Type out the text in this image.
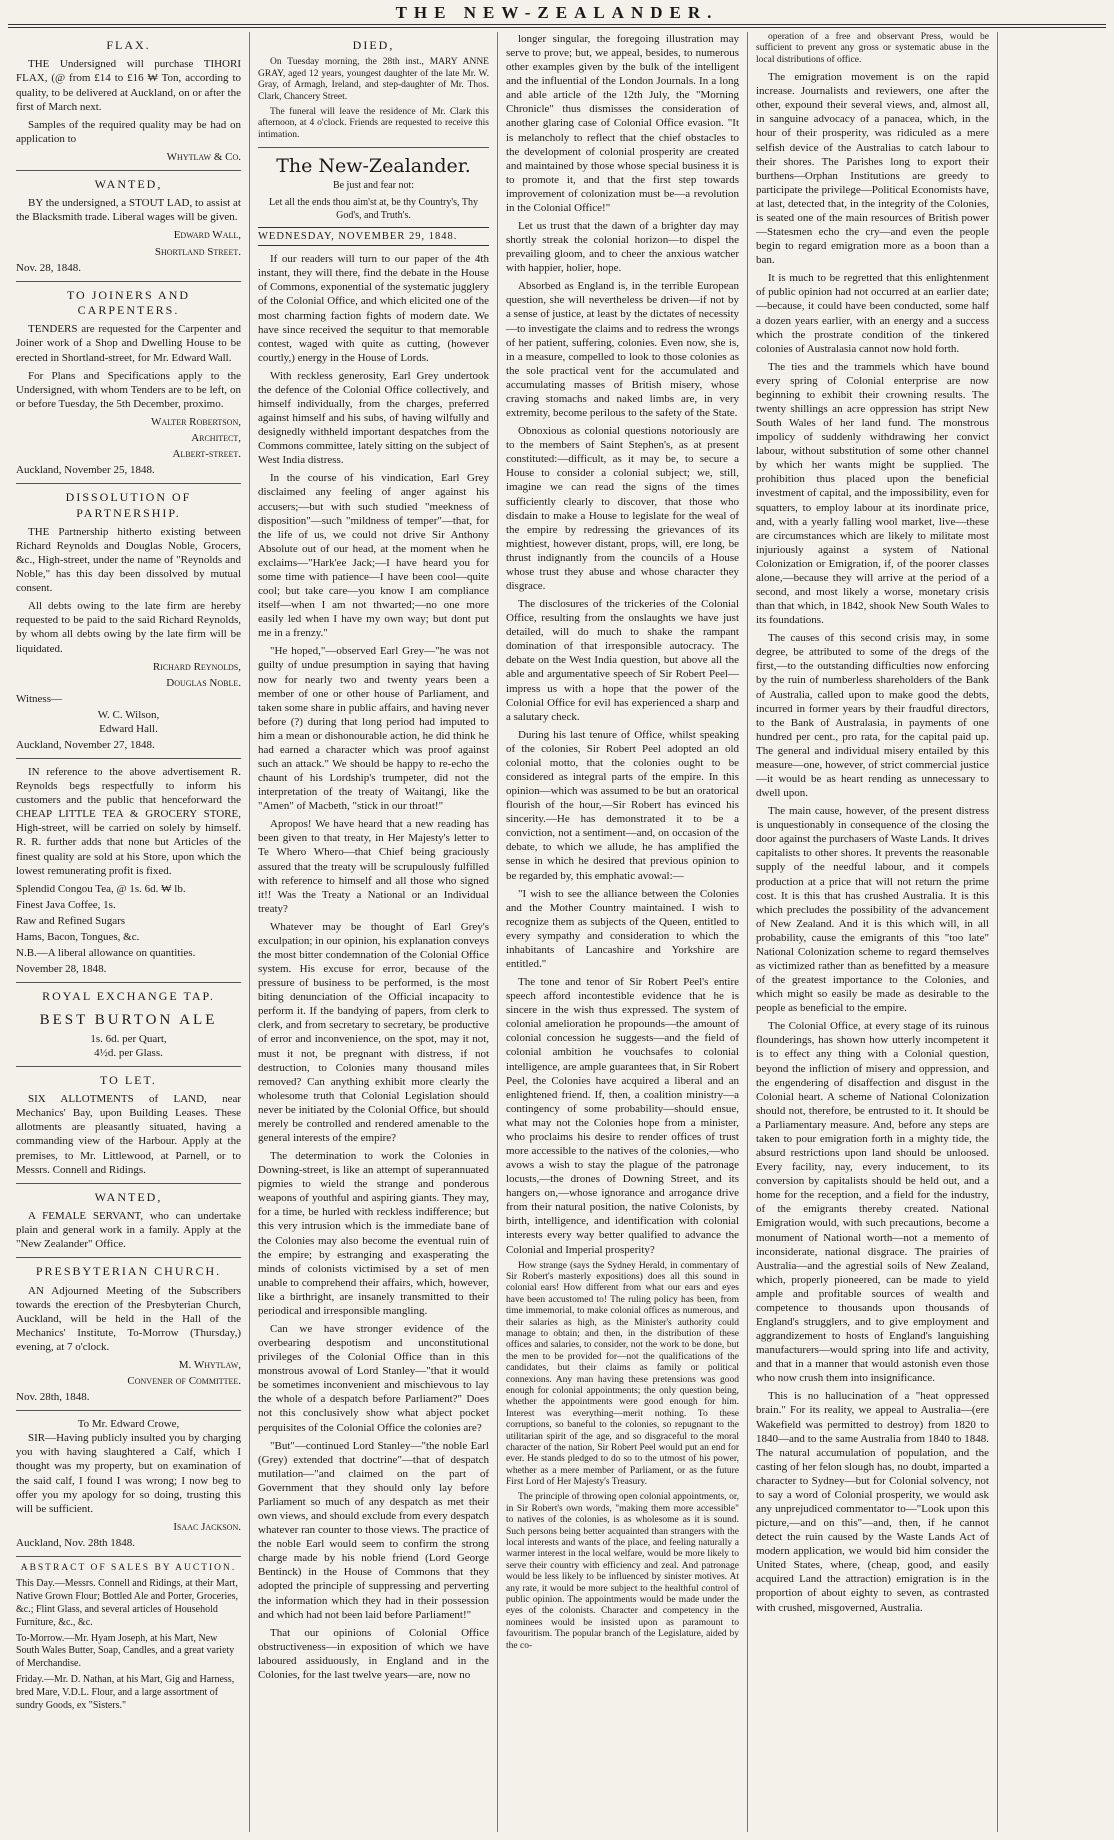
THE NEW-ZEALANDER.
FLAX.

THE Undersigned will purchase TIHORI FLAX, (@ from £14 to £16 ₩ Ton, according to quality, to be delivered at Auckland, on or after the first of March next.

Samples of the required quality may be had on application to

Whytlaw & Co.
WANTED,

BY the undersigned, a STOUT LAD, to assist at the Blacksmith trade. Liberal wages will be given.

Edward Wall,
Shortland Street.
Nov. 28, 1848.
TO JOINERS AND CARPENTERS.

TENDERS are requested for the Carpenter and Joiner work of a Shop and Dwelling House to be erected in Shortland-street, for Mr. Edward Wall.

For Plans and Specifications apply to the Undersigned, with whom Tenders are to be left, on or before Tuesday, the 5th December, proximo.

Walter Robertson,
Architect,
Albert-street.
Auckland, November 25, 1848.
DISSOLUTION OF PARTNERSHIP.

THE Partnership hitherto existing between Richard Reynolds and Douglas Noble, Grocers, &c., High-street, under the name of "Reynolds and Noble," has this day been dissolved by mutual consent.

All debts owing to the late firm are hereby requested to be paid to the said Richard Reynolds, by whom all debts owing by the late firm will be liquidated.

Richard Reynolds,
Douglas Noble.
Witness—
W. C. Wilson,
Edward Hall.
Auckland, November 27, 1848.

IN reference to the above advertisement R. Reynolds begs respectfully to inform his customers and the public that henceforward the CHEAP LITTLE TEA & GROCERY STORE, High-street, will be carried on solely by himself. R. R. further adds that none but Articles of the finest quality are sold at his Store, upon which the lowest remunerating profit is fixed.

Splendid Congou Tea, @ 1s. 6d. ₩ lb.
Finest Java Coffee, 1s.
Raw and Refined Sugars
Hams, Bacon, Tongues, &c.
N.B.—A liberal allowance on quantities.
November 28, 1848.
ROYAL EXCHANGE TAP.
BEST BURTON ALE
1s. 6d. per Quart,
4½d. per Glass.
TO LET.

SIX ALLOTMENTS of LAND, near Mechanics' Bay, upon Building Leases. These allotments are pleasantly situated, having a commanding view of the Harbour. Apply at the premises, to Mr. Littlewood, at Parnell, or to Messrs. Connell and Ridings.

WANTED,

A FEMALE SERVANT, who can undertake plain and general work in a family. Apply at the "New Zealander" Office.

PRESBYTERIAN CHURCH.

AN Adjourned Meeting of the Subscribers towards the erection of the Presbyterian Church, Auckland, will be held in the Hall of the Mechanics' Institute, To-Morrow (Thursday,) evening, at 7 o'clock.

M. Whytlaw,
Convener of Committee.
Nov. 28th, 1848.
To Mr. Edward Crowe,

SIR—Having publicly insulted you by charging you with having slaughtered a Calf, which I thought was my property, but on examination of the said calf, I found I was wrong; I now beg to offer you my apology for so doing, trusting this will be sufficient.

Isaac Jackson.
Auckland, Nov. 28th 1848.
ABSTRACT OF SALES BY AUCTION.
This Day.—Messrs. Connell and Ridings, at their Mart, Native Grown Flour; Bottled Ale and Porter, Groceries, &c.; Flint Glass, and several articles of Household Furniture, &c., &c.
To-Morrow.—Mr. Hyam Joseph, at his Mart, New South Wales Butter, Soap, Candles, and a great variety of Merchandise.
Friday.—Mr. D. Nathan, at his Mart, Gig and Harness, bred Mare, V.D.L. Flour, and a large assortment of sundry Goods, ex "Sisters."
DIED,

On Tuesday morning, the 28th inst., MARY ANNE GRAY, aged 12 years, youngest daughter of the late Mr. W. Gray, of Armagh, Ireland, and step-daughter of Mr. Thos. Clark, Chancery Street.

The funeral will leave the residence of Mr. Clark this afternoon, at 4 o'clock. Friends are requested to receive this intimation.

The New-Zealander.
Be just and fear not:
Let all the ends thou aim'st at, be thy Country's, Thy God's, and Truth's.
WEDNESDAY, NOVEMBER 29, 1848.

If our readers will turn to our paper of the 4th instant, they will there, find the debate in the House of Commons, exponential of the systematic jugglery of the Colonial Office, and which elicited one of the most charming faction fights of modern date. We have since received the sequitur to that memorable contest, waged with quite as cutting, (however courtly,) energy in the House of Lords.

With reckless generosity, Earl Grey undertook the defence of the Colonial Office collectively, and himself individually, from the charges, preferred against himself and his subs, of having wilfully and designedly withheld important despatches from the Commons committee, lately sitting on the subject of West India distress.

In the course of his vindication, Earl Grey disclaimed any feeling of anger against his accusers;—but with such studied "meekness of disposition"—such "mildness of temper"—that, for the life of us, we could not drive Sir Anthony Absolute out of our head, at the moment when he exclaims—"Hark'ee Jack;—I have heard you for some time with patience—I have been cool—quite cool; but take care—you know I am compliance itself—when I am not thwarted;—no one more easily led when I have my own way; but dont put me in a frenzy."

"He hoped,"—observed Earl Grey—"he was not guilty of undue presumption in saying that having now for nearly two and twenty years been a member of one or other house of Parliament, and taken some share in public affairs, and having never before (?) during that long period had imputed to him a mean or dishonourable action, he did think he had earned a character which was proof against such an attack." We should be happy to re-echo the chaunt of his Lordship's trumpeter, did not the interpretation of the treaty of Waitangi, like the "Amen" of Macbeth, "stick in our throat!"

Apropos! We have heard that a new reading has been given to that treaty, in Her Majesty's letter to Te Whero Whero—that Chief being graciously assured that the treaty will be scrupulously fulfilled with reference to himself and all those who signed it!! Was the Treaty a National or an Individual treaty?

Whatever may be thought of Earl Grey's exculpation; in our opinion, his explanation conveys the most bitter condemnation of the Colonial Office system. His excuse for error, because of the pressure of business to be performed, is the most biting denunciation of the Official incapacity to perform it. If the bandying of papers, from clerk to clerk, and from secretary to secretary, be productive of error and inconvenience, on the spot, may it not, must it not, be pregnant with distress, if not destruction, to Colonies many thousand miles removed? Can anything exhibit more clearly the wholesome truth that Colonial Legislation should never be initiated by the Colonial Office, but should merely be controlled and rendered amenable to the general interests of the empire?

The determination to work the Colonies in Downing-street, is like an attempt of superannuated pigmies to wield the strange and ponderous weapons of youthful and aspiring giants. They may, for a time, be hurled with reckless indifference; but this very intrusion which is the immediate bane of the Colonies may also become the eventual ruin of the empire; by estranging and exasperating the minds of colonists victimised by a set of men unable to comprehend their affairs, which, however, like a birthright, are insanely transmitted to their periodical and irresponsible mangling.

Can we have stronger evidence of the overbearing despotism and unconstitutional privileges of the Colonial Office than in this monstrous avowal of Lord Stanley—"that it would be sometimes inconvenient and mischievous to lay the whole of a despatch before Parliament?" Does not this conclusively show what abject pocket perquisites of the Colonial Office the colonies are?

"But"—continued Lord Stanley—"the noble Earl (Grey) extended that doctrine"—that of despatch mutilation—"and claimed on the part of Government that they should only lay before Parliament so much of any despatch as met their own views, and should exclude from every despatch whatever ran counter to those views. The practice of the noble Earl would seem to confirm the strong charge made by his noble friend (Lord George Bentinck) in the House of Commons that they adopted the principle of suppressing and perverting the information which they had in their possession and which had not been laid before Parliament!"

That our opinions of Colonial Office obstructiveness—in exposition of which we have laboured assiduously, in England and in the Colonies, for the last twelve years—are, now no

longer singular, the foregoing illustration may serve to prove; but, we appeal, besides, to numerous other examples given by the bulk of the intelligent and the influential of the London Journals. In a long and able article of the 12th July, the "Morning Chronicle" thus dismisses the consideration of another glaring case of Colonial Office evasion. "It is melancholy to reflect that the chief obstacles to the development of colonial prosperity are created and maintained by those whose special business it is to promote it, and that the first step towards improvement of colonization must be—a revolution in the Colonial Office!"

Let us trust that the dawn of a brighter day may shortly streak the colonial horizon—to dispel the prevailing gloom, and to cheer the anxious watcher with happier, holier, hope.

Absorbed as England is, in the terrible European question, she will nevertheless be driven—if not by a sense of justice, at least by the dictates of necessity—to investigate the claims and to redress the wrongs of her patient, suffering, colonies. Even now, she is, in a measure, compelled to look to those colonies as the sole practical vent for the accumulated and accumulating masses of British misery, whose craving stomachs and naked limbs are, in very extremity, become perilous to the safety of the State.

Obnoxious as colonial questions notoriously are to the members of Saint Stephen's, as at present constituted:—difficult, as it may be, to secure a House to consider a colonial subject; we, still, imagine we can read the signs of the times sufficiently clearly to discover, that those who disdain to make a House to legislate for the weal of the empire by redressing the grievances of its mightiest, however distant, props, will, ere long, be thrust indignantly from the councils of a House whose trust they abuse and whose character they disgrace.

The disclosures of the trickeries of the Colonial Office, resulting from the onslaughts we have just detailed, will do much to shake the rampant domination of that irresponsible autocracy. The debate on the West India question, but above all the able and argumentative speech of Sir Robert Peel—impress us with a hope that the power of the Colonial Office for evil has experienced a sharp and a salutary check.

During his last tenure of Office, whilst speaking of the colonies, Sir Robert Peel adopted an old colonial motto, that the colonies ought to be considered as integral parts of the empire. In this opinion—which was assumed to be but an oratorical flourish of the hour,—Sir Robert has evinced his sincerity.—He has demonstrated it to be a conviction, not a sentiment—and, on occasion of the debate, to which we allude, he has amplified the sense in which he desired that previous opinion to be regarded by, this emphatic avowal:—

"I wish to see the alliance between the Colonies and the Mother Country maintained. I wish to recognize them as subjects of the Queen, entitled to every sympathy and consideration to which the inhabitants of Lancashire and Yorkshire are entitled."

The tone and tenor of Sir Robert Peel's entire speech afford incontestible evidence that he is sincere in the wish thus expressed. The system of colonial amelioration he propounds—the amount of colonial concession he suggests—and the field of colonial ambition he vouchsafes to colonial intelligence, are ample guarantees that, in Sir Robert Peel, the Colonies have acquired a liberal and an enlightened friend. If, then, a coalition ministry—a contingency of some probability—should ensue, what may not the Colonies hope from a minister, who proclaims his desire to render offices of trust more accessible to the natives of the colonies,—who avows a wish to stay the plague of the patronage locusts,—the drones of Downing Street, and its hangers on,—whose ignorance and arrogance drive from their natural position, the native Colonists, by birth, intelligence, and identification with colonial interests every way better qualified to advance the Colonial and Imperial prosperity?

How strange (says the Sydney Herald, in commentary of Sir Robert's masterly expositions) does all this sound in colonial ears! How different from what our ears and eyes have been accustomed to! The ruling policy has been, from time immemorial, to make colonial offices as numerous, and their salaries as high, as the Minister's authority could manage to obtain; and then, in the distribution of these offices and salaries, to consider, not the work to be done, but the men to be provided for—not the qualifications of the candidates, but their claims as family or political connexions. Any man having these pretensions was good enough for colonial appointments; the only question being, whether the appointments were good enough for him. Interest was everything—merit nothing. To these corruptions, so baneful to the colonies, so repugnant to the utilitarian spirit of the age, and so disgraceful to the moral character of the nation, Sir Robert Peel would put an end for ever. He stands pledged to do so to the utmost of his power, whether as a mere member of Parliament, or as the future First Lord of Her Majesty's Treasury.

The principle of throwing open colonial appointments, or, in Sir Robert's own words, "making them more accessible" to natives of the colonies, is as wholesome as it is sound. Such persons being better acquainted than strangers with the local interests and wants of the place, and feeling naturally a warmer interest in the local welfare, would be more likely to serve their country with efficiency and zeal. And patronage would be less likely to be influenced by sinister motives. At any rate, it would be more subject to the healthful control of public opinion. The appointments would be made under the eyes of the colonists. Character and competency in the nominees would be insisted upon as paramount to favouritism. The popular branch of the Legislature, aided by the co-

operation of a free and observant Press, would be sufficient to prevent any gross or systematic abuse in the local distributions of office.

The emigration movement is on the rapid increase. Journalists and reviewers, one after the other, expound their several views, and, almost all, in sanguine advocacy of a panacea, which, in the hour of their prosperity, was ridiculed as a mere selfish device of the Australias to catch labour to their shores. The Parishes long to export their burthens—Orphan Institutions are greedy to participate the privilege—Political Economists have, at last, detected that, in the integrity of the Colonies, is seated one of the main resources of British power—Statesmen echo the cry—and even the people begin to regard emigration more as a boon than a ban.

It is much to be regretted that this enlightenment of public opinion had not occurred at an earlier date;—because, it could have been conducted, some half a dozen years earlier, with an energy and a success which the prostrate condition of the tinkered colonies of Australasia cannot now hold forth.

The ties and the trammels which have bound every spring of Colonial enterprise are now beginning to exhibit their crowning results. The twenty shillings an acre oppression has stript New South Wales of her land fund. The monstrous impolicy of suddenly withdrawing her convict labour, without substitution of some other channel by which her wants might be supplied. The prohibition thus placed upon the beneficial investment of capital, and the impossibility, even for squatters, to employ labour at its inordinate price, and, with a yearly falling wool market, live—these are circumstances which are likely to militate most injuriously against a system of National Colonization or Emigration, if, of the poorer classes alone,—because they will arrive at the period of a second, and most likely a worse, monetary crisis than that which, in 1842, shook New South Wales to its foundations.

The causes of this second crisis may, in some degree, be attributed to some of the dregs of the first,—to the outstanding difficulties now enforcing by the ruin of numberless shareholders of the Bank of Australia, called upon to make good the debts, incurred in former years by their fraudful directors, to the Bank of Australasia, in payments of one hundred per cent., pro rata, for the capital paid up. The general and individual misery entailed by this measure—one, however, of strict commercial justice—it would be as heart rending as unnecessary to dwell upon.

The main cause, however, of the present distress is unquestionably in consequence of the closing the door against the purchasers of Waste Lands. It drives capitalists to other shores. It prevents the reasonable supply of the needful labour, and it compels production at a price that will not return the prime cost. It is this that has crushed Australia. It is this which precludes the possibility of the advancement of New Zealand. And it is this which will, in all probability, cause the emigrants of this "too late" National Colonization scheme to regard themselves as victimized rather than as benefitted by a measure of the greatest importance to the Colonies, and which might so easily be made as desirable to the people as beneficial to the empire.

The Colonial Office, at every stage of its ruinous flounderings, has shown how utterly incompetent it is to effect any thing with a Colonial question, beyond the infliction of misery and oppression, and the engendering of disaffection and disgust in the Colonial heart. A scheme of National Colonization should not, therefore, be entrusted to it. It should be a Parliamentary measure. And, before any steps are taken to pour emigration forth in a mighty tide, the absurd restrictions upon land should be unloosed. Every facility, nay, every inducement, to its conversion by capitalists should be held out, and a home for the reception, and a field for the industry, of the emigrants thereby created. National Emigration would, with such precautions, become a monument of National worth—not a memento of inconsiderate, national disgrace. The prairies of Australia—and the agrestial soils of New Zealand, which, properly pioneered, can be made to yield ample and profitable sources of wealth and competence to thousands upon thousands of England's strugglers, and to give employment and aggrandizement to hosts of England's languishing manufacturers—would spring into life and activity, and that in a manner that would astonish even those who now crush them into insignificance.

This is no hallucination of a "heat oppressed brain." For its reality, we appeal to Australia—(ere Wakefield was permitted to destroy) from 1820 to 1840—and to the same Australia from 1840 to 1848. The natural accumulation of population, and the casting of her felon slough has, no doubt, imparted a character to Sydney—but for Colonial solvency, not to say a word of Colonial prosperity, we would ask any unprejudiced commentator to—"Look upon this picture,—and on this"—and, then, if he cannot detect the ruin caused by the Waste Lands Act of modern application, we would bid him consider the United States, where, (cheap, good, and easily acquired Land the attraction) emigration is in the proportion of about eighty to seven, as contrasted with crushed, misgoverned, Australia.
